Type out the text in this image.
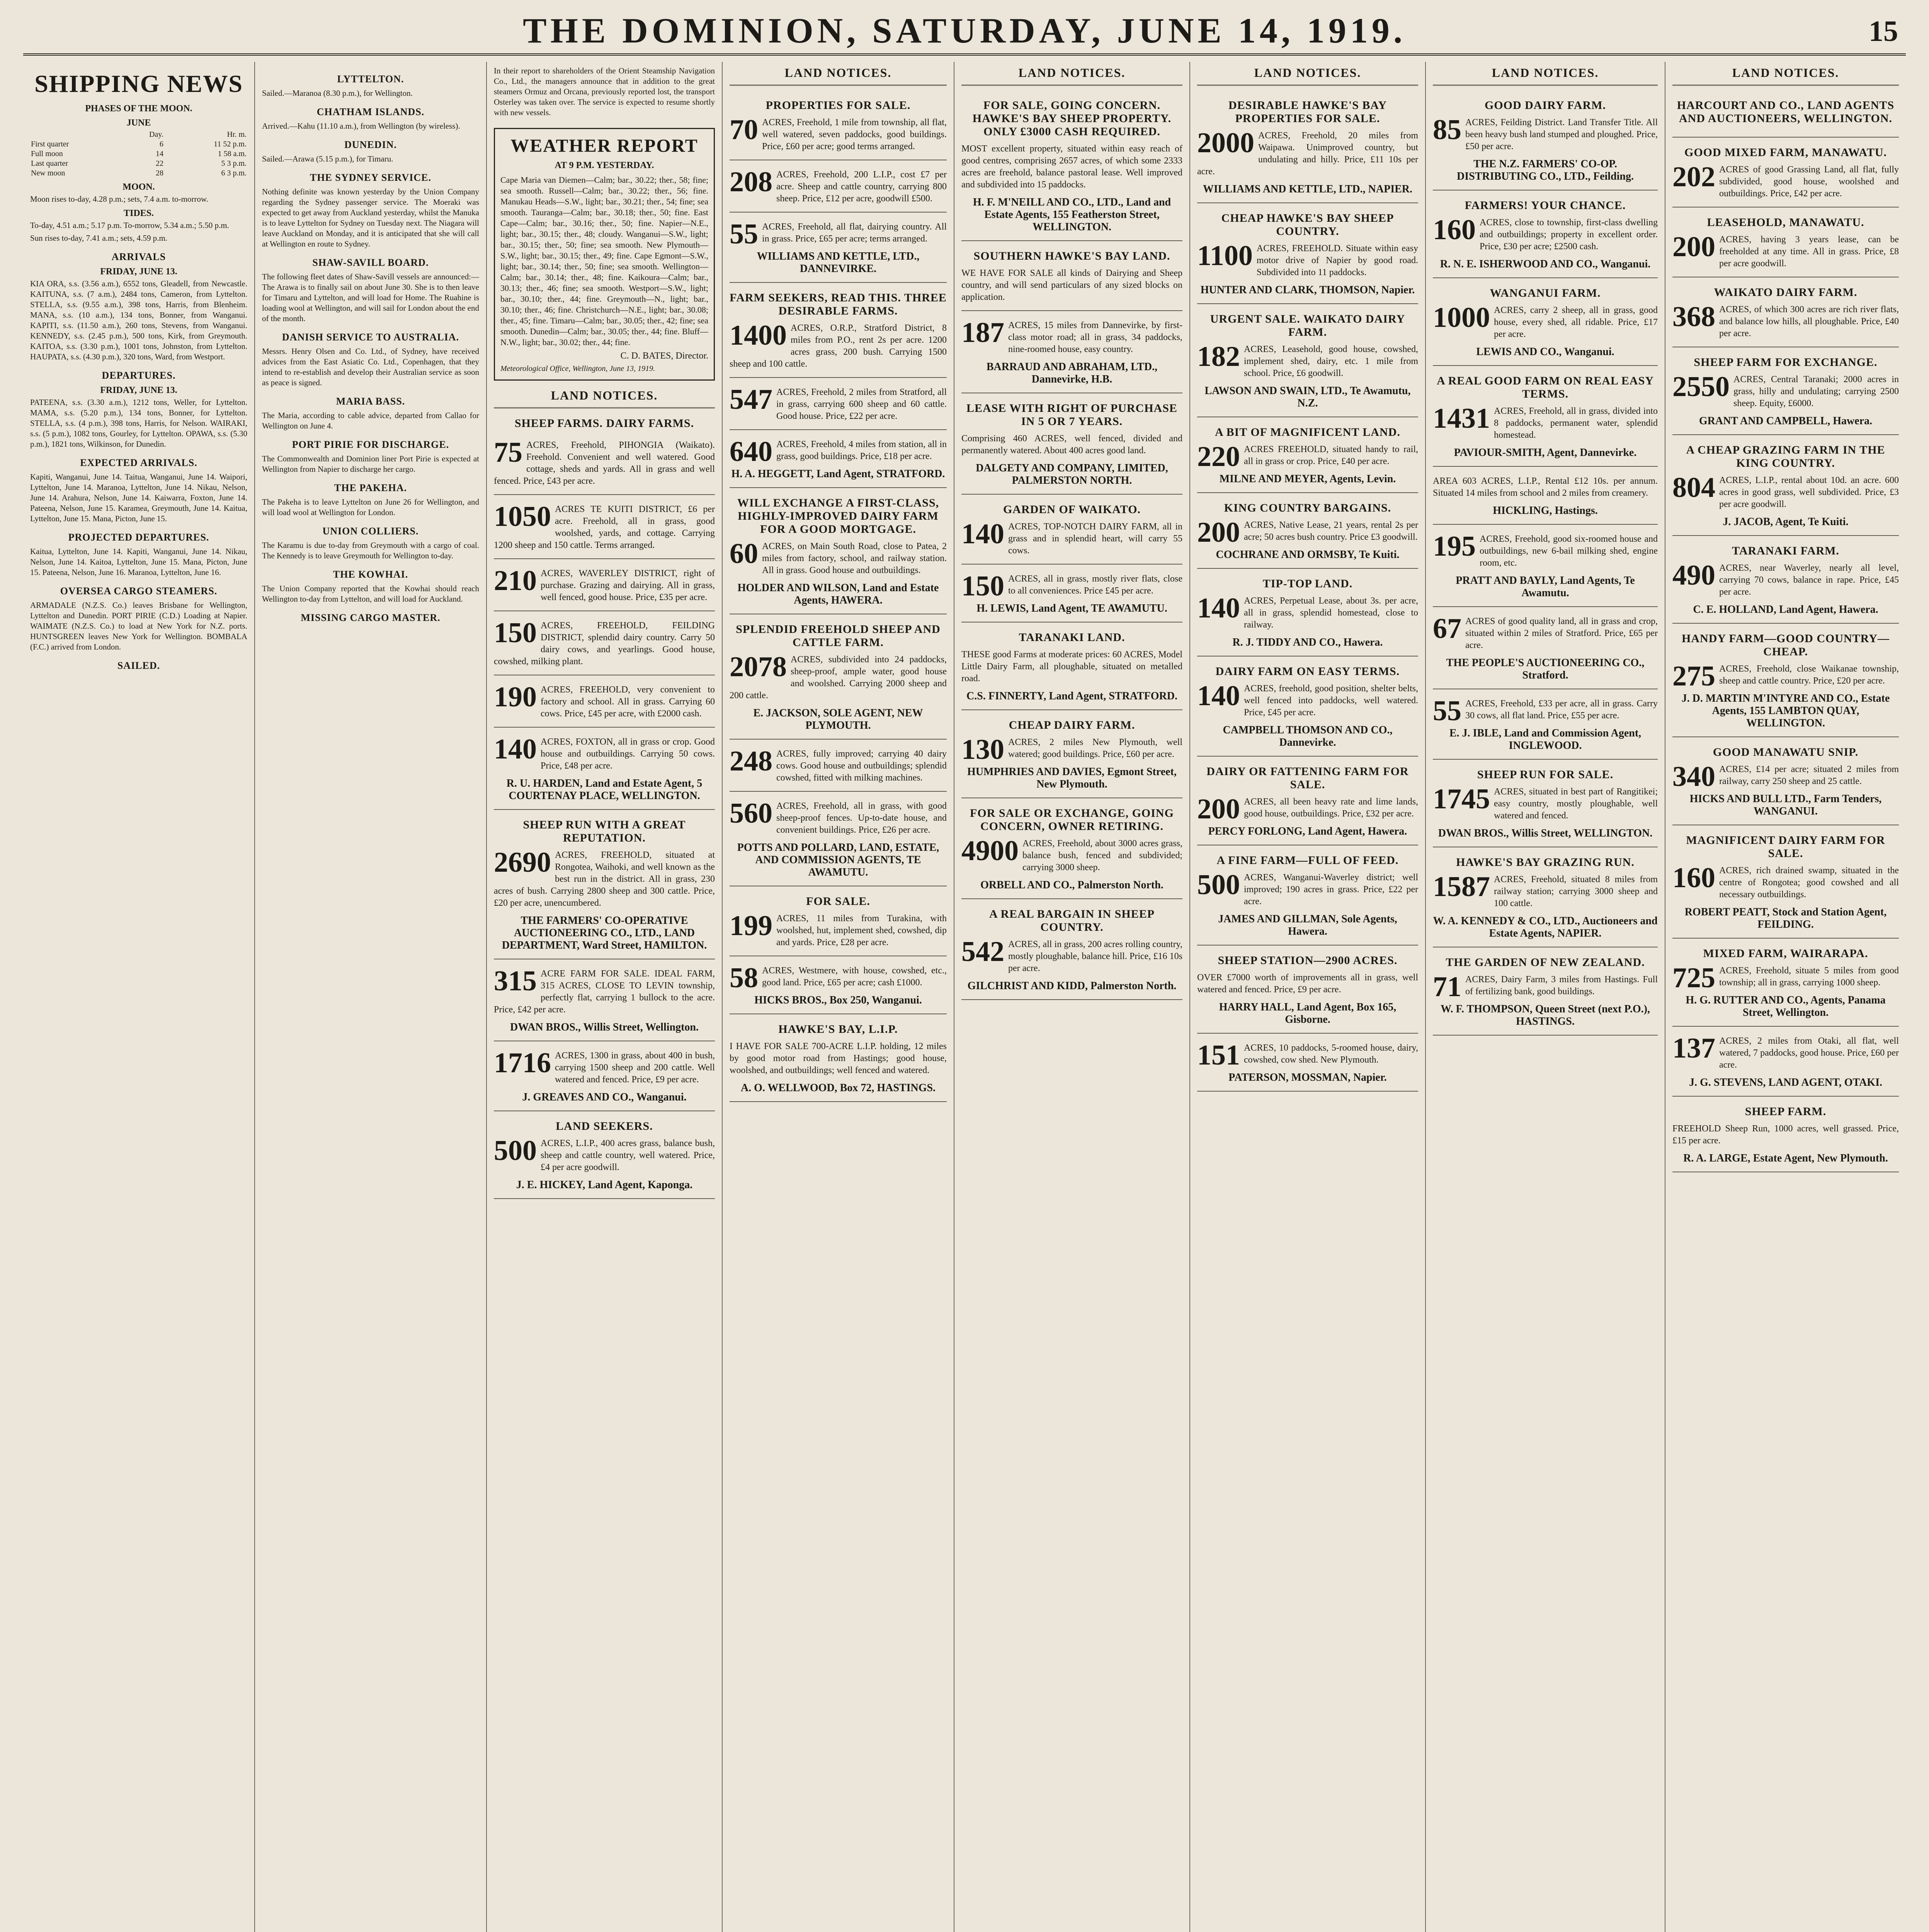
THE DOMINION, SATURDAY, JUNE 14, 1919.	15
SHIPPING NEWS
PHASES OF THE MOON.
JUNE
	Day.	Hr. m.
First quarter	6	11 52 p.m.
Full moon	14	1 58 a.m.
Last quarter	22	5 3 p.m.
New moon	28	6 3 p.m.
MOON.

Moon rises to-day, 4.28 p.m.; sets, 7.4 a.m. to-morrow.

TIDES.

To-day, 4.51 a.m.; 5.17 p.m. To-morrow, 5.34 a.m.; 5.50 p.m.

Sun rises to-day, 7.41 a.m.; sets, 4.59 p.m.

ARRIVALS
FRIDAY, JUNE 13.

KIA ORA, s.s. (3.56 a.m.), 6552 tons, Gleadell, from Newcastle. KAITUNA, s.s. (7 a.m.), 2484 tons, Cameron, from Lyttelton. STELLA, s.s. (9.55 a.m.), 398 tons, Harris, from Blenheim. MANA, s.s. (10 a.m.), 134 tons, Bonner, from Wanganui. KAPITI, s.s. (11.50 a.m.), 260 tons, Stevens, from Wanganui. KENNEDY, s.s. (2.45 p.m.), 500 tons, Kirk, from Greymouth. KAITOA, s.s. (3.30 p.m.), 1001 tons, Johnston, from Lyttelton. HAUPATA, s.s. (4.30 p.m.), 320 tons, Ward, from Westport.

DEPARTURES.
FRIDAY, JUNE 13.

PATEENA, s.s. (3.30 a.m.), 1212 tons, Weller, for Lyttelton. MAMA, s.s. (5.20 p.m.), 134 tons, Bonner, for Lyttelton. STELLA, s.s. (4 p.m.), 398 tons, Harris, for Nelson. WAIRAKI, s.s. (5 p.m.), 1082 tons, Gourley, for Lyttelton. OPAWA, s.s. (5.30 p.m.), 1821 tons, Wilkinson, for Dunedin.

EXPECTED ARRIVALS.

Kapiti, Wanganui, June 14. Taitua, Wanganui, June 14. Waipori, Lyttelton, June 14. Maranoa, Lyttelton, June 14. Nikau, Nelson, June 14. Arahura, Nelson, June 14. Kaiwarra, Foxton, June 14. Pateena, Nelson, June 15. Karamea, Greymouth, June 14. Kaitua, Lyttelton, June 15. Mana, Picton, June 15.

PROJECTED DEPARTURES.

Kaitua, Lyttelton, June 14. Kapiti, Wanganui, June 14. Nikau, Nelson, June 14. Kaitoa, Lyttelton, June 15. Mana, Picton, June 15. Pateena, Nelson, June 16. Maranoa, Lyttelton, June 16.

OVERSEA CARGO STEAMERS.

ARMADALE (N.Z.S. Co.) leaves Brisbane for Wellington, Lyttelton and Dunedin. PORT PIRIE (C.D.) Loading at Napier. WAIMATE (N.Z.S. Co.) to load at New York for N.Z. ports. HUNTSGREEN leaves New York for Wellington. BOMBALA (F.C.) arrived from London.

SAILED.
LYTTELTON.

Sailed.—Maranoa (8.30 p.m.), for Wellington.

CHATHAM ISLANDS.

Arrived.—Kahu (11.10 a.m.), from Wellington (by wireless).

DUNEDIN.

Sailed.—Arawa (5.15 p.m.), for Timaru.

THE SYDNEY SERVICE.

Nothing definite was known yesterday by the Union Company regarding the Sydney passenger service. The Moeraki was expected to get away from Auckland yesterday, whilst the Manuka is to leave Lyttelton for Sydney on Tuesday next. The Niagara will leave Auckland on Monday, and it is anticipated that she will call at Wellington en route to Sydney.

SHAW-SAVILL BOARD.

The following fleet dates of Shaw-Savill vessels are announced:— The Arawa is to finally sail on about June 30. She is to then leave for Timaru and Lyttelton, and will load for Home. The Ruahine is loading wool at Wellington, and will sail for London about the end of the month.

DANISH SERVICE TO AUSTRALIA.

Messrs. Henry Olsen and Co. Ltd., of Sydney, have received advices from the East Asiatic Co. Ltd., Copenhagen, that they intend to re-establish and develop their Australian service as soon as peace is signed.

MARIA BASS.

The Maria, according to cable advice, departed from Callao for Wellington on June 4.

PORT PIRIE FOR DISCHARGE.

The Commonwealth and Dominion liner Port Pirie is expected at Wellington from Napier to discharge her cargo.

THE PAKEHA.

The Pakeha is to leave Lyttelton on June 26 for Wellington, and will load wool at Wellington for London.

UNION COLLIERS.

The Karamu is due to-day from Greymouth with a cargo of coal. The Kennedy is to leave Greymouth for Wellington to-day.

THE KOWHAI.

The Union Company reported that the Kowhai should reach Wellington to-day from Lyttelton, and will load for Auckland.

MISSING CARGO MASTER.

In their report to shareholders of the Orient Steamship Navigation Co., Ltd., the managers announce that in addition to the great steamers Ormuz and Orcana, previously reported lost, the transport Osterley was taken over. The service is expected to resume shortly with new vessels.

WEATHER REPORT
AT 9 P.M. YESTERDAY.
Cape Maria van Diemen—Calm; bar., 30.22; ther., 58; fine; sea smooth. Russell—Calm; bar., 30.22; ther., 56; fine. Manukau Heads—S.W., light; bar., 30.21; ther., 54; fine; sea smooth. Tauranga—Calm; bar., 30.18; ther., 50; fine. East Cape—Calm; bar., 30.16; ther., 50; fine. Napier—N.E., light; bar., 30.15; ther., 48; cloudy. Wanganui—S.W., light; bar., 30.15; ther., 50; fine; sea smooth. New Plymouth—S.W., light; bar., 30.15; ther., 49; fine. Cape Egmont—S.W., light; bar., 30.14; ther., 50; fine; sea smooth. Wellington—Calm; bar., 30.14; ther., 48; fine. Kaikoura—Calm; bar., 30.13; ther., 46; fine; sea smooth. Westport—S.W., light; bar., 30.10; ther., 44; fine. Greymouth—N., light; bar., 30.10; ther., 46; fine. Christchurch—N.E., light; bar., 30.08; ther., 45; fine. Timaru—Calm; bar., 30.05; ther., 42; fine; sea smooth. Dunedin—Calm; bar., 30.05; ther., 44; fine. Bluff—N.W., light; bar., 30.02; ther., 44; fine.
C. D. BATES, Director.
Meteorological Office, Wellington, June 13, 1919.
LAND NOTICES.
SHEEP FARMS. DAIRY FARMS.
75 ACRES, Freehold, PIHONGIA (Waikato). Freehold. Convenient and well watered. Good cottage, sheds and yards. All in grass and well fenced. Price, £43 per acre.
1050 ACRES TE KUITI DISTRICT, £6 per acre. Freehold, all in grass, good woolshed, yards, and cottage. Carrying 1200 sheep and 150 cattle. Terms arranged.
210 ACRES, WAVERLEY DISTRICT, right of purchase. Grazing and dairying. All in grass, well fenced, good house. Price, £35 per acre.
150 ACRES, FREEHOLD, FEILDING DISTRICT, splendid dairy country. Carry 50 dairy cows, and yearlings. Good house, cowshed, milking plant.
190 ACRES, FREEHOLD, very convenient to factory and school. All in grass. Carrying 60 cows. Price, £45 per acre, with £2000 cash.
140 ACRES, FOXTON, all in grass or crop. Good house and outbuildings. Carrying 50 cows. Price, £48 per acre.
R. U. HARDEN, Land and Estate Agent, 5 COURTENAY PLACE, WELLINGTON.
SHEEP RUN WITH A GREAT REPUTATION.
2690 ACRES, FREEHOLD, situated at Rongotea, Waihoki, and well known as the best run in the district. All in grass, 230 acres of bush. Carrying 2800 sheep and 300 cattle. Price, £20 per acre, unencumbered.
THE FARMERS' CO-OPERATIVE AUCTIONEERING CO., LTD., LAND DEPARTMENT, Ward Street, HAMILTON.
315 ACRE FARM FOR SALE. IDEAL FARM, 315 ACRES, CLOSE TO LEVIN township, perfectly flat, carrying 1 bullock to the acre. Price, £42 per acre.
DWAN BROS., Willis Street, Wellington.
1716 ACRES, 1300 in grass, about 400 in bush, carrying 1500 sheep and 200 cattle. Well watered and fenced. Price, £9 per acre.
J. GREAVES AND CO., Wanganui.
LAND SEEKERS.
500 ACRES, L.I.P., 400 acres grass, balance bush, sheep and cattle country, well watered. Price, £4 per acre goodwill.
J. E. HICKEY, Land Agent, Kaponga.
LAND NOTICES.
PROPERTIES FOR SALE.
70 ACRES, Freehold, 1 mile from township, all flat, well watered, seven paddocks, good buildings. Price, £60 per acre; good terms arranged.
208 ACRES, Freehold, 200 L.I.P., cost £7 per acre. Sheep and cattle country, carrying 800 sheep. Price, £12 per acre, goodwill £500.
55 ACRES, Freehold, all flat, dairying country. All in grass. Price, £65 per acre; terms arranged.
WILLIAMS AND KETTLE, LTD., DANNEVIRKE.
FARM SEEKERS, READ THIS. THREE DESIRABLE FARMS.
1400 ACRES, O.R.P., Stratford District, 8 miles from P.O., rent 2s per acre. 1200 acres grass, 200 bush. Carrying 1500 sheep and 100 cattle.
547 ACRES, Freehold, 2 miles from Stratford, all in grass, carrying 600 sheep and 60 cattle. Good house. Price, £22 per acre.
640 ACRES, Freehold, 4 miles from station, all in grass, good buildings. Price, £18 per acre.
H. A. HEGGETT, Land Agent, STRATFORD.
WILL EXCHANGE A FIRST-CLASS, HIGHLY-IMPROVED DAIRY FARM FOR A GOOD MORTGAGE.
60 ACRES, on Main South Road, close to Patea, 2 miles from factory, school, and railway station. All in grass. Good house and outbuildings.
HOLDER AND WILSON, Land and Estate Agents, HAWERA.
SPLENDID FREEHOLD SHEEP AND CATTLE FARM.
2078 ACRES, subdivided into 24 paddocks, sheep-proof, ample water, good house and woolshed. Carrying 2000 sheep and 200 cattle.
E. JACKSON, SOLE AGENT, NEW PLYMOUTH.
248 ACRES, fully improved; carrying 40 dairy cows. Good house and outbuildings; splendid cowshed, fitted with milking machines.
560 ACRES, Freehold, all in grass, with good sheep-proof fences. Up-to-date house, and convenient buildings. Price, £26 per acre.
POTTS AND POLLARD, LAND, ESTATE, AND COMMISSION AGENTS, TE AWAMUTU.
FOR SALE.
199 ACRES, 11 miles from Turakina, with woolshed, hut, implement shed, cowshed, dip and yards. Price, £28 per acre.
58 ACRES, Westmere, with house, cowshed, etc., good land. Price, £65 per acre; cash £1000.
HICKS BROS., Box 250, Wanganui.
HAWKE'S BAY, L.I.P.
I HAVE FOR SALE 700-ACRE L.I.P. holding, 12 miles by good motor road from Hastings; good house, woolshed, and outbuildings; well fenced and watered.
A. O. WELLWOOD, Box 72, HASTINGS.
LAND NOTICES.
FOR SALE, GOING CONCERN. HAWKE'S BAY SHEEP PROPERTY. ONLY £3000 CASH REQUIRED.
MOST excellent property, situated within easy reach of good centres, comprising 2657 acres, of which some 2333 acres are freehold, balance pastoral lease. Well improved and subdivided into 15 paddocks.
H. F. M'NEILL AND CO., LTD., Land and Estate Agents, 155 Featherston Street, WELLINGTON.
SOUTHERN HAWKE'S BAY LAND.
WE HAVE FOR SALE all kinds of Dairying and Sheep country, and will send particulars of any sized blocks on application.
187 ACRES, 15 miles from Dannevirke, by first-class motor road; all in grass, 34 paddocks, nine-roomed house, easy country.
BARRAUD AND ABRAHAM, LTD., Dannevirke, H.B.
LEASE WITH RIGHT OF PURCHASE IN 5 OR 7 YEARS.
Comprising 460 ACRES, well fenced, divided and permanently watered. About 400 acres good land.
DALGETY AND COMPANY, LIMITED, PALMERSTON NORTH.
GARDEN OF WAIKATO.
140 ACRES, TOP-NOTCH DAIRY FARM, all in grass and in splendid heart, will carry 55 cows.
150 ACRES, all in grass, mostly river flats, close to all conveniences. Price £45 per acre.
H. LEWIS, Land Agent, TE AWAMUTU.
TARANAKI LAND.
THESE good Farms at moderate prices: 60 ACRES, Model Little Dairy Farm, all ploughable, situated on metalled road.
C.S. FINNERTY, Land Agent, STRATFORD.
CHEAP DAIRY FARM.
130 ACRES, 2 miles New Plymouth, well watered; good buildings. Price, £60 per acre.
HUMPHRIES AND DAVIES, Egmont Street, New Plymouth.
FOR SALE OR EXCHANGE, GOING CONCERN, OWNER RETIRING.
4900 ACRES, Freehold, about 3000 acres grass, balance bush, fenced and subdivided; carrying 3000 sheep.
ORBELL AND CO., Palmerston North.
A REAL BARGAIN IN SHEEP COUNTRY.
542 ACRES, all in grass, 200 acres rolling country, mostly ploughable, balance hill. Price, £16 10s per acre.
GILCHRIST AND KIDD, Palmerston North.
LAND NOTICES.
DESIRABLE HAWKE'S BAY PROPERTIES FOR SALE.
2000 ACRES, Freehold, 20 miles from Waipawa. Unimproved country, but undulating and hilly. Price, £11 10s per acre.
WILLIAMS AND KETTLE, LTD., NAPIER.
CHEAP HAWKE'S BAY SHEEP COUNTRY.
1100 ACRES, FREEHOLD. Situate within easy motor drive of Napier by good road. Subdivided into 11 paddocks.
HUNTER AND CLARK, THOMSON, Napier.
URGENT SALE. WAIKATO DAIRY FARM.
182 ACRES, Leasehold, good house, cowshed, implement shed, dairy, etc. 1 mile from school. Price, £6 goodwill.
LAWSON AND SWAIN, LTD., Te Awamutu, N.Z.
A BIT OF MAGNIFICENT LAND.
220 ACRES FREEHOLD, situated handy to rail, all in grass or crop. Price, £40 per acre.
MILNE AND MEYER, Agents, Levin.
KING COUNTRY BARGAINS.
200 ACRES, Native Lease, 21 years, rental 2s per acre; 50 acres bush country. Price £3 goodwill.
COCHRANE AND ORMSBY, Te Kuiti.
TIP-TOP LAND.
140 ACRES, Perpetual Lease, about 3s. per acre, all in grass, splendid homestead, close to railway.
R. J. TIDDY AND CO., Hawera.
DAIRY FARM ON EASY TERMS.
140 ACRES, freehold, good position, shelter belts, well fenced into paddocks, well watered. Price, £45 per acre.
CAMPBELL THOMSON AND CO., Dannevirke.
DAIRY OR FATTENING FARM FOR SALE.
200 ACRES, all been heavy rate and lime lands, good house, outbuildings. Price, £32 per acre.
PERCY FORLONG, Land Agent, Hawera.
A FINE FARM—FULL OF FEED.
500 ACRES, Wanganui-Waverley district; well improved; 190 acres in grass. Price, £22 per acre.
JAMES AND GILLMAN, Sole Agents, Hawera.
SHEEP STATION—2900 ACRES.
OVER £7000 worth of improvements all in grass, well watered and fenced. Price, £9 per acre.
HARRY HALL, Land Agent, Box 165, Gisborne.
151 ACRES, 10 paddocks, 5-roomed house, dairy, cowshed, cow shed. New Plymouth.
PATERSON, MOSSMAN, Napier.
LAND NOTICES.
GOOD DAIRY FARM.
85 ACRES, Feilding District. Land Transfer Title. All been heavy bush land stumped and ploughed. Price, £50 per acre.
THE N.Z. FARMERS' CO-OP. DISTRIBUTING CO., LTD., Feilding.
FARMERS! YOUR CHANCE.
160 ACRES, close to township, first-class dwelling and outbuildings; property in excellent order. Price, £30 per acre; £2500 cash.
R. N. E. ISHERWOOD AND CO., Wanganui.
WANGANUI FARM.
1000 ACRES, carry 2 sheep, all in grass, good house, every shed, all ridable. Price, £17 per acre.
LEWIS AND CO., Wanganui.
A REAL GOOD FARM ON REAL EASY TERMS.
1431 ACRES, Freehold, all in grass, divided into 8 paddocks, permanent water, splendid homestead.
PAVIOUR-SMITH, Agent, Dannevirke.
AREA 603 ACRES, L.I.P., Rental £12 10s. per annum. Situated 14 miles from school and 2 miles from creamery.
HICKLING, Hastings.
195 ACRES, Freehold, good six-roomed house and outbuildings, new 6-bail milking shed, engine room, etc.
PRATT AND BAYLY, Land Agents, Te Awamutu.
67 ACRES of good quality land, all in grass and crop, situated within 2 miles of Stratford. Price, £65 per acre.
THE PEOPLE'S AUCTIONEERING CO., Stratford.
55 ACRES, Freehold, £33 per acre, all in grass. Carry 30 cows, all flat land. Price, £55 per acre.
E. J. IBLE, Land and Commission Agent, INGLEWOOD.
SHEEP RUN FOR SALE.
1745 ACRES, situated in best part of Rangitikei; easy country, mostly ploughable, well watered and fenced.
DWAN BROS., Willis Street, WELLINGTON.
HAWKE'S BAY GRAZING RUN.
1587 ACRES, Freehold, situated 8 miles from railway station; carrying 3000 sheep and 100 cattle.
W. A. KENNEDY & CO., LTD., Auctioneers and Estate Agents, NAPIER.
THE GARDEN OF NEW ZEALAND.
71 ACRES, Dairy Farm, 3 miles from Hastings. Full of fertilizing bank, good buildings.
W. F. THOMPSON, Queen Street (next P.O.), HASTINGS.
LAND NOTICES.
HARCOURT AND CO., LAND AGENTS AND AUCTIONEERS, WELLINGTON.
GOOD MIXED FARM, MANAWATU.
202 ACRES of good Grassing Land, all flat, fully subdivided, good house, woolshed and outbuildings. Price, £42 per acre.
LEASEHOLD, MANAWATU.
200 ACRES, having 3 years lease, can be freeholded at any time. All in grass. Price, £8 per acre goodwill.
WAIKATO DAIRY FARM.
368 ACRES, of which 300 acres are rich river flats, and balance low hills, all ploughable. Price, £40 per acre.
SHEEP FARM FOR EXCHANGE.
2550 ACRES, Central Taranaki; 2000 acres in grass, hilly and undulating; carrying 2500 sheep. Equity, £6000.
GRANT AND CAMPBELL, Hawera.
A CHEAP GRAZING FARM IN THE KING COUNTRY.
804 ACRES, L.I.P., rental about 10d. an acre. 600 acres in good grass, well subdivided. Price, £3 per acre goodwill.
J. JACOB, Agent, Te Kuiti.
TARANAKI FARM.
490 ACRES, near Waverley, nearly all level, carrying 70 cows, balance in rape. Price, £45 per acre.
C. E. HOLLAND, Land Agent, Hawera.
HANDY FARM—GOOD COUNTRY—CHEAP.
275 ACRES, Freehold, close Waikanae township, sheep and cattle country. Price, £20 per acre.
J. D. MARTIN M'INTYRE AND CO., Estate Agents, 155 LAMBTON QUAY, WELLINGTON.
GOOD MANAWATU SNIP.
340 ACRES, £14 per acre; situated 2 miles from railway, carry 250 sheep and 25 cattle.
HICKS AND BULL LTD., Farm Tenders, WANGANUI.
MAGNIFICENT DAIRY FARM FOR SALE.
160 ACRES, rich drained swamp, situated in the centre of Rongotea; good cowshed and all necessary outbuildings.
ROBERT PEATT, Stock and Station Agent, FEILDING.
MIXED FARM, WAIRARAPA.
725 ACRES, Freehold, situate 5 miles from good township; all in grass, carrying 1000 sheep.
H. G. RUTTER AND CO., Agents, Panama Street, Wellington.
137 ACRES, 2 miles from Otaki, all flat, well watered, 7 paddocks, good house. Price, £60 per acre.
J. G. STEVENS, LAND AGENT, OTAKI.
SHEEP FARM.
FREEHOLD Sheep Run, 1000 acres, well grassed. Price, £15 per acre.
R. A. LARGE, Estate Agent, New Plymouth.
